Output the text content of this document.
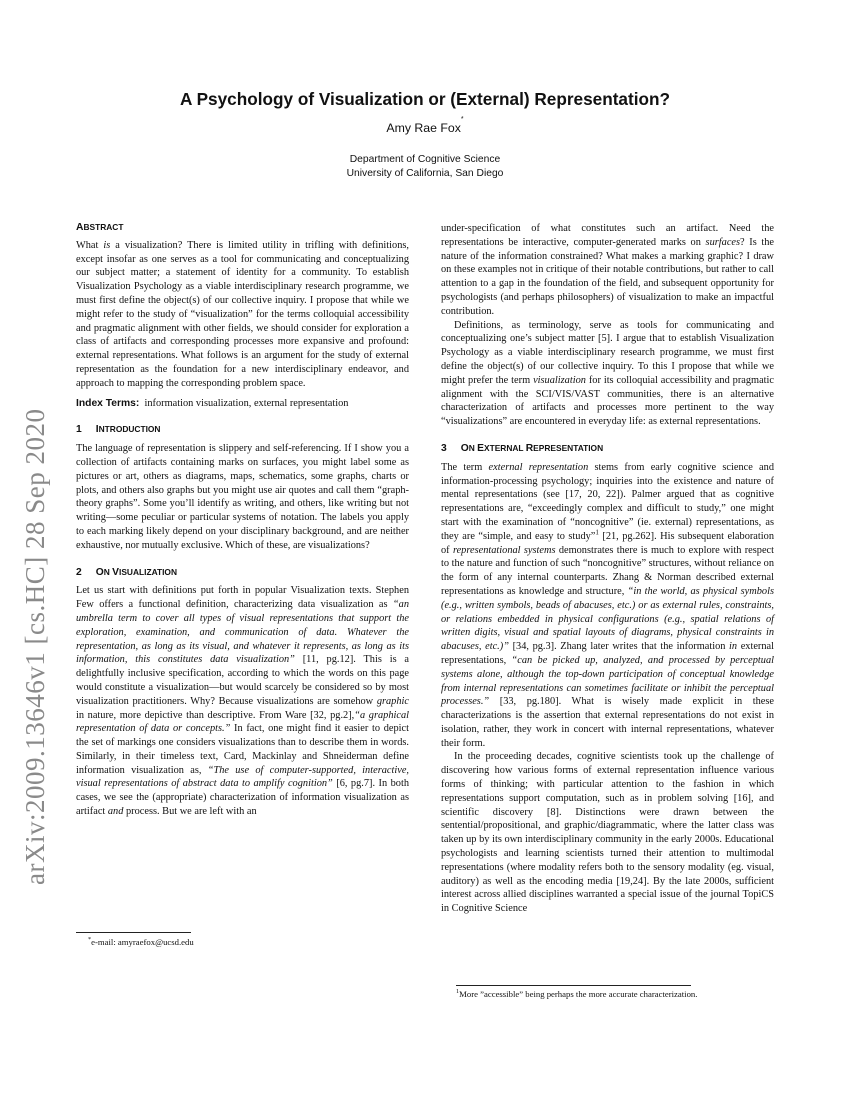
arXiv:2009.13646v1 [cs.HC] 28 Sep 2020
A Psychology of Visualization or (External) Representation?
Amy Rae Fox*
Department of Cognitive Science
University of California, San Diego
ABSTRACT

What is a visualization? There is limited utility in trifling with definitions, except insofar as one serves as a tool for communicating and conceptualizing our subject matter; a statement of identity for a community. To establish Visualization Psychology as a viable interdisciplinary research programme, we must first define the object(s) of our collective inquiry. I propose that while we might refer to the study of “visualization” for the terms colloquial accessibility and pragmatic alignment with other fields, we should consider for exploration a class of artifacts and corresponding processes more expansive and profound: external representations. What follows is an argument for the study of external representation as the foundation for a new interdisciplinary endeavor, and approach to mapping the corresponding problem space.

Index Terms: information visualization, external representation

1 INTRODUCTION

The language of representation is slippery and self-referencing. If I show you a collection of artifacts containing marks on surfaces, you might label some as pictures or art, others as diagrams, maps, schematics, some graphs, charts or plots, and others also graphs but you might use air quotes and call them “graph-theory graphs”. Some you’ll identify as writing, and others, like writing but not writing—some peculiar or particular systems of notation. The labels you apply to each marking likely depend on your disciplinary background, and are neither exhaustive, nor mutually exclusive. Which of these, are visualizations?

2 ON VISUALIZATION

Let us start with definitions put forth in popular Visualization texts. Stephen Few offers a functional definition, characterizing data visualization as “an umbrella term to cover all types of visual representations that support the exploration, examination, and communication of data. Whatever the representation, as long as its visual, and whatever it represents, as long as its information, this constitutes data visualization” [11, pg.12]. This is a delightfully inclusive specification, according to which the words on this page would constitute a visualization—but would scarcely be considered so by most visualization practitioners. Why? Because visualizations are somehow graphic in nature, more depictive than descriptive. From Ware [32, pg.2],“a graphical representation of data or concepts.” In fact, one might find it easier to depict the set of markings one considers visualizations than to describe them in words. Similarly, in their timeless text, Card, Mackinlay and Shneiderman define information visualization as, “The use of computer-supported, interactive, visual representations of abstract data to amplify cognition” [6, pg.7]. In both cases, we see the (appropriate) characterization of information visualization as artifact and process. But we are left with an

*e-mail: amyraefox@ucsd.edu

under-specification of what constitutes such an artifact. Need the representations be interactive, computer-generated marks on surfaces? Is the nature of the information constrained? What makes a marking graphic? I draw on these examples not in critique of their notable contributions, but rather to call attention to a gap in the foundation of the field, and subsequent opportunity for psychologists (and perhaps philosophers) of visualization to make an impactful contribution.

Definitions, as terminology, serve as tools for communicating and conceptualizing one’s subject matter [5]. I argue that to establish Visualization Psychology as a viable interdisciplinary research programme, we must first define the object(s) of our collective inquiry. To this I propose that while we might prefer the term visualization for its colloquial accessibility and pragmatic alignment with the SCI/VIS/VAST communities, there is an alternative characterization of artifacts and processes more pertinent to the way “visualizations” are encountered in everyday life: as external representations.

3 ON EXTERNAL REPRESENTATION

The term external representation stems from early cognitive science and information-processing psychology; inquiries into the existence and nature of mental representations (see [17, 20, 22]). Palmer argued that as cognitive representations are, “exceedingly complex and difficult to study,” one might start with the examination of “noncognitive” (ie. external) representations, as they are “simple, and easy to study”$^1$ [21, pg.262]. His subsequent elaboration of representational systems demonstrates there is much to explore with respect to the nature and function of such “noncognitive” structures, without reliance on the form of any internal counterparts. Zhang & Norman described external representations as knowledge and structure, “in the world, as physical symbols (e.g., written symbols, beads of abacuses, etc.) or as external rules, constraints, or relations embedded in physical configurations (e.g., spatial relations of written digits, visual and spatial layouts of diagrams, physical constraints in abacuses, etc.)” [34, pg.3]. Zhang later writes that the information in external representations, “can be picked up, analyzed, and processed by perceptual systems alone, although the top-down participation of conceptual knowledge from internal representations can sometimes facilitate or inhibit the perceptual processes.” [33, pg.180]. What is wisely made explicit in these characterizations is the assertion that external representations do not exist in isolation, rather, they work in concert with internal representations, whatever their form.

In the proceeding decades, cognitive scientists took up the challenge of discovering how various forms of external representation influence various forms of thinking; with particular attention to the fashion in which representations support computation, such as in problem solving [16], and scientific discovery [8]. Distinctions were drawn between the sentential/propositional, and graphic/diagrammatic, where the latter class was taken up by its own interdisciplinary community in the early 2000s. Educational psychologists and learning scientists turned their attention to multimodal representations (where modality refers both to the sensory modality (eg. visual, auditory) as well as the encoding media [19,24]. By the late 2000s, sufficient interest across allied disciplines warranted a special issue of the journal TopiCS in Cognitive Science

$^1$More ”accessible” being perhaps the more accurate characterization.
